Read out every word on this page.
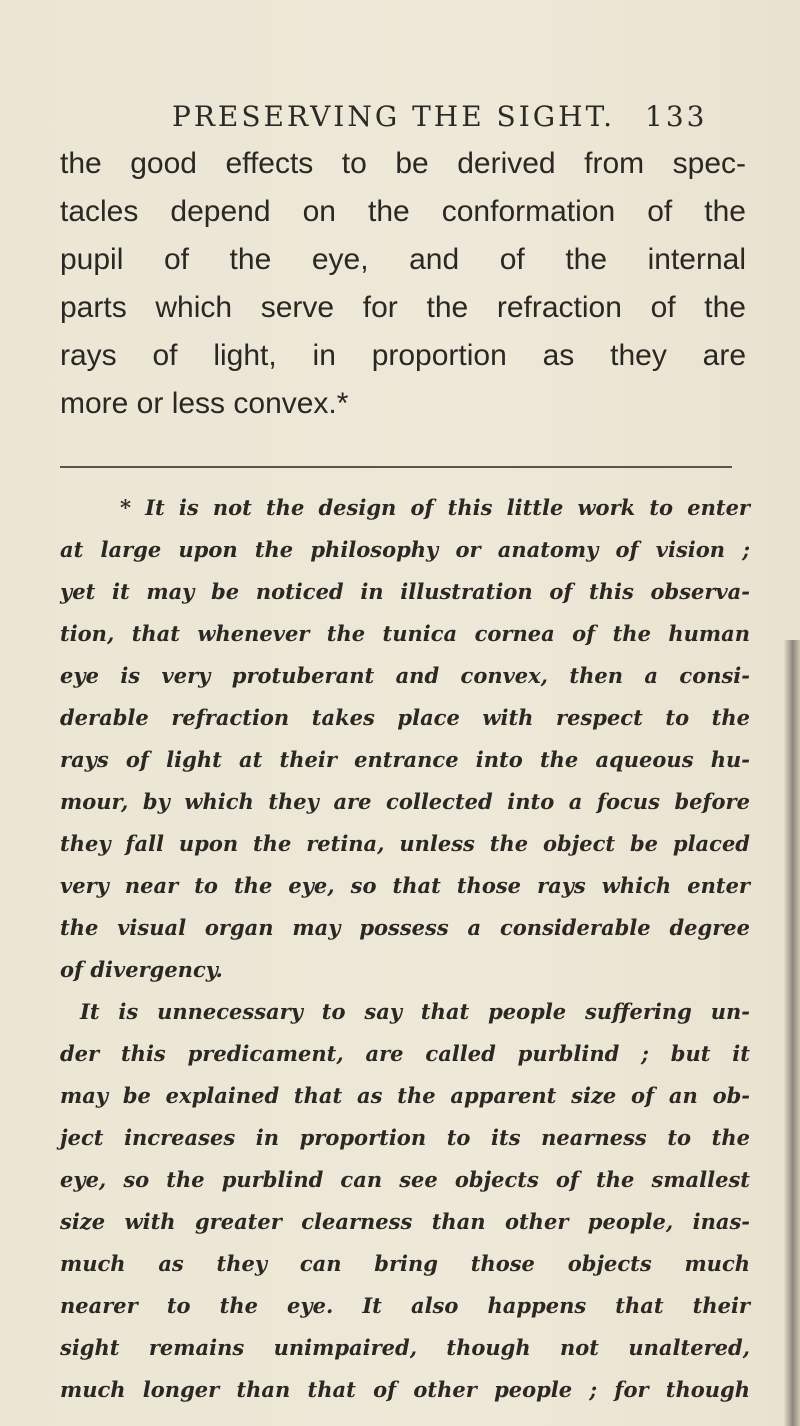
PRESERVING THE SIGHT. 133
the good effects to be derived from spec-
tacles depend on the conformation of the
pupil of the eye, and of the internal
parts which serve for the refraction of the
rays of light, in proportion as they are
more or less convex.*
* It is not the design of this little work to enter
at large upon the philosophy or anatomy of vision ;
yet it may be noticed in illustration of this observa-
tion, that whenever the tunica cornea of the human
eye is very protuberant and convex, then a consi-
derable refraction takes place with respect to the
rays of light at their entrance into the aqueous hu-
mour, by which they are collected into a focus before
they fall upon the retina, unless the object be placed
very near to the eye, so that those rays which enter
the visual organ may possess a considerable degree
of divergency.
It is unnecessary to say that people suffering un-
der this predicament, are called purblind ; but it
may be explained that as the apparent size of an ob-
ject increases in proportion to its nearness to the
eye, so the purblind can see objects of the smallest
size with greater clearness than other people, inas-
much as they can bring those objects much
nearer to the eye. It also happens that their
sight remains unimpaired, though not unaltered,
much longer than that of other people ; for though
